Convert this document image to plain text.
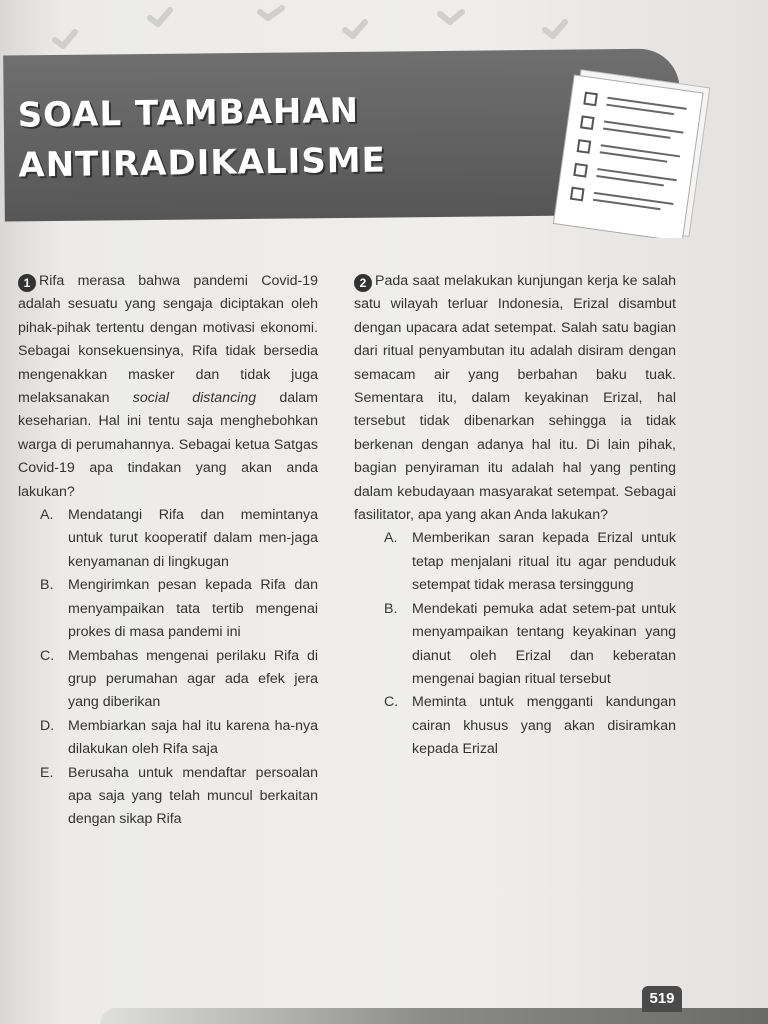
SOAL TAMBAHAN
ANTIRADIKALISME

1 Rifa merasa bahwa pandemi Covid-19 adalah sesuatu yang sengaja diciptakan oleh pihak-pihak tertentu dengan motivasi ekonomi. Sebagai konsekuensinya, Rifa tidak bersedia mengenakkan masker dan tidak juga melaksanakan social distancing dalam keseharian. Hal ini tentu saja menghebohkan warga di perumahannya. Sebagai ketua Satgas Covid-19 apa tindakan yang akan anda lakukan?

A.	Mendatangi Rifa dan memintanya untuk turut kooperatif dalam men-jaga kenyamanan di lingkugan
B.	Mengirimkan pesan kepada Rifa dan menyampaikan tata tertib mengenai prokes di masa pandemi ini
C. Membahas mengenai perilaku Rifa di grup perumahan agar ada efek jera yang diberikan
D. Membiarkan saja hal itu karena ha-nya dilakukan oleh Rifa saja
E.	Berusaha untuk mendaftar persoalan apa saja yang telah muncul berkaitan dengan sikap Rifa

2 Pada saat melakukan kunjungan kerja ke salah satu wilayah terluar Indonesia, Erizal disambut dengan upacara adat setempat. Salah satu bagian dari ritual penyambutan itu adalah disiram dengan semacam air yang berbahan baku tuak. Sementara itu, dalam keyakinan Erizal, hal tersebut tidak dibenarkan sehingga ia tidak berkenan dengan adanya hal itu. Di lain pihak, bagian penyiraman itu adalah hal yang penting dalam kebudayaan masyarakat setempat. Sebagai fasilitator, apa yang akan Anda lakukan?

A.	Memberikan saran kepada Erizal untuk tetap menjalani ritual itu agar penduduk setempat tidak merasa tersinggung
B.	Mendekati pemuka adat setem-pat untuk menyampaikan tentang keyakinan yang dianut oleh Erizal dan keberatan mengenai bagian ritual tersebut
C. Meminta untuk mengganti kandungan cairan khusus yang akan disiramkan kepada Erizal
519
